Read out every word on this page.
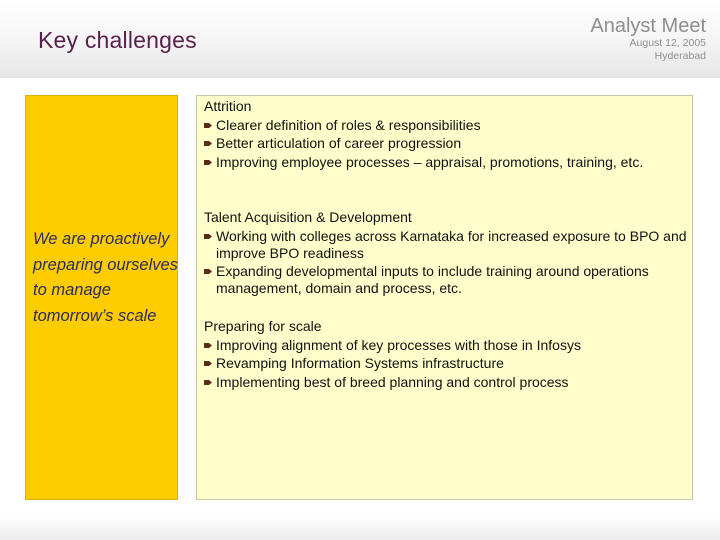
Key challenges
Analyst Meet
August 12, 2005
Hyderabad
We are proactively preparing ourselves to manage tomorrow’s scale
Attrition
Clearer definition of roles & responsibilities
Better articulation of career progression
Improving employee processes – appraisal, promotions, training, etc.
Talent Acquisition & Development
Working with colleges across Karnataka for increased exposure to BPO and improve BPO readiness
Expanding developmental inputs to include training around operations management, domain and process, etc.
Preparing for scale
Improving alignment of key processes with those in Infosys
Revamping Information Systems infrastructure
Implementing best of breed planning and control process
